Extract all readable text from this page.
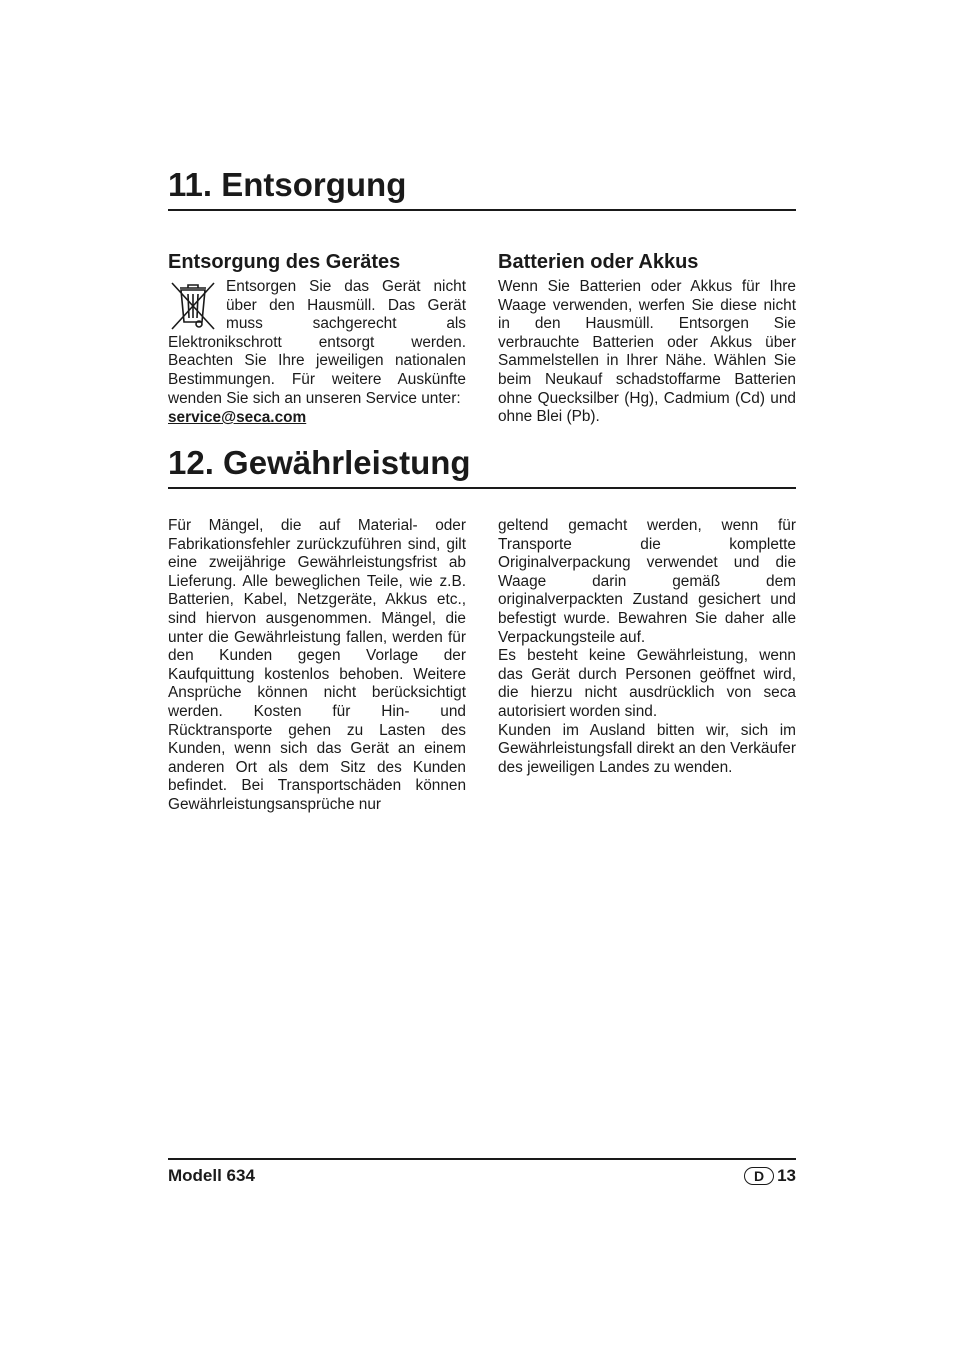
11. Entsorgung
Entsorgung des Gerätes

Entsorgen Sie das Gerät nicht über den Hausmüll. Das Gerät muss sachgerecht als Elektronikschrott entsorgt werden. Beachten Sie Ihre jeweiligen nationalen Bestimmungen. Für weitere Auskünfte wenden Sie sich an unseren Service unter:

service@seca.com
Batterien oder Akkus

Wenn Sie Batterien oder Akkus für Ihre Waage verwenden, werfen Sie diese nicht in den Hausmüll. Entsorgen Sie verbrauchte Batterien oder Akkus über Sammelstellen in Ihrer Nähe. Wählen Sie beim Neukauf schadstoffarme Batterien ohne Quecksilber (Hg), Cadmium (Cd) und ohne Blei (Pb).

12. Gewährleistung

Für Mängel, die auf Material- oder Fabrikationsfehler zurückzuführen sind, gilt eine zweijährige Gewährleistungsfrist ab Lieferung. Alle beweglichen Teile, wie z.B. Batterien, Kabel, Netzgeräte, Akkus etc., sind hiervon ausgenommen. Mängel, die unter die Gewährleistung fallen, werden für den Kunden gegen Vorlage der Kaufquittung kostenlos behoben. Weitere Ansprüche können nicht berücksichtigt werden. Kosten für Hin- und Rücktransporte gehen zu Lasten des Kunden, wenn sich das Gerät an einem anderen Ort als dem Sitz des Kunden befindet. Bei Transportschäden können Gewährleistungsansprüche nur

geltend gemacht werden, wenn für Transporte die komplette Originalverpackung verwendet und die Waage darin gemäß dem originalverpackten Zustand gesichert und befestigt wurde. Bewahren Sie daher alle Verpackungsteile auf.

Es besteht keine Gewährleistung, wenn das Gerät durch Personen geöffnet wird, die hierzu nicht ausdrücklich von seca autorisiert worden sind.

Kunden im Ausland bitten wir, sich im Gewährleistungsfall direkt an den Verkäufer des jeweiligen Landes zu wenden.

Modell 634	D 13
